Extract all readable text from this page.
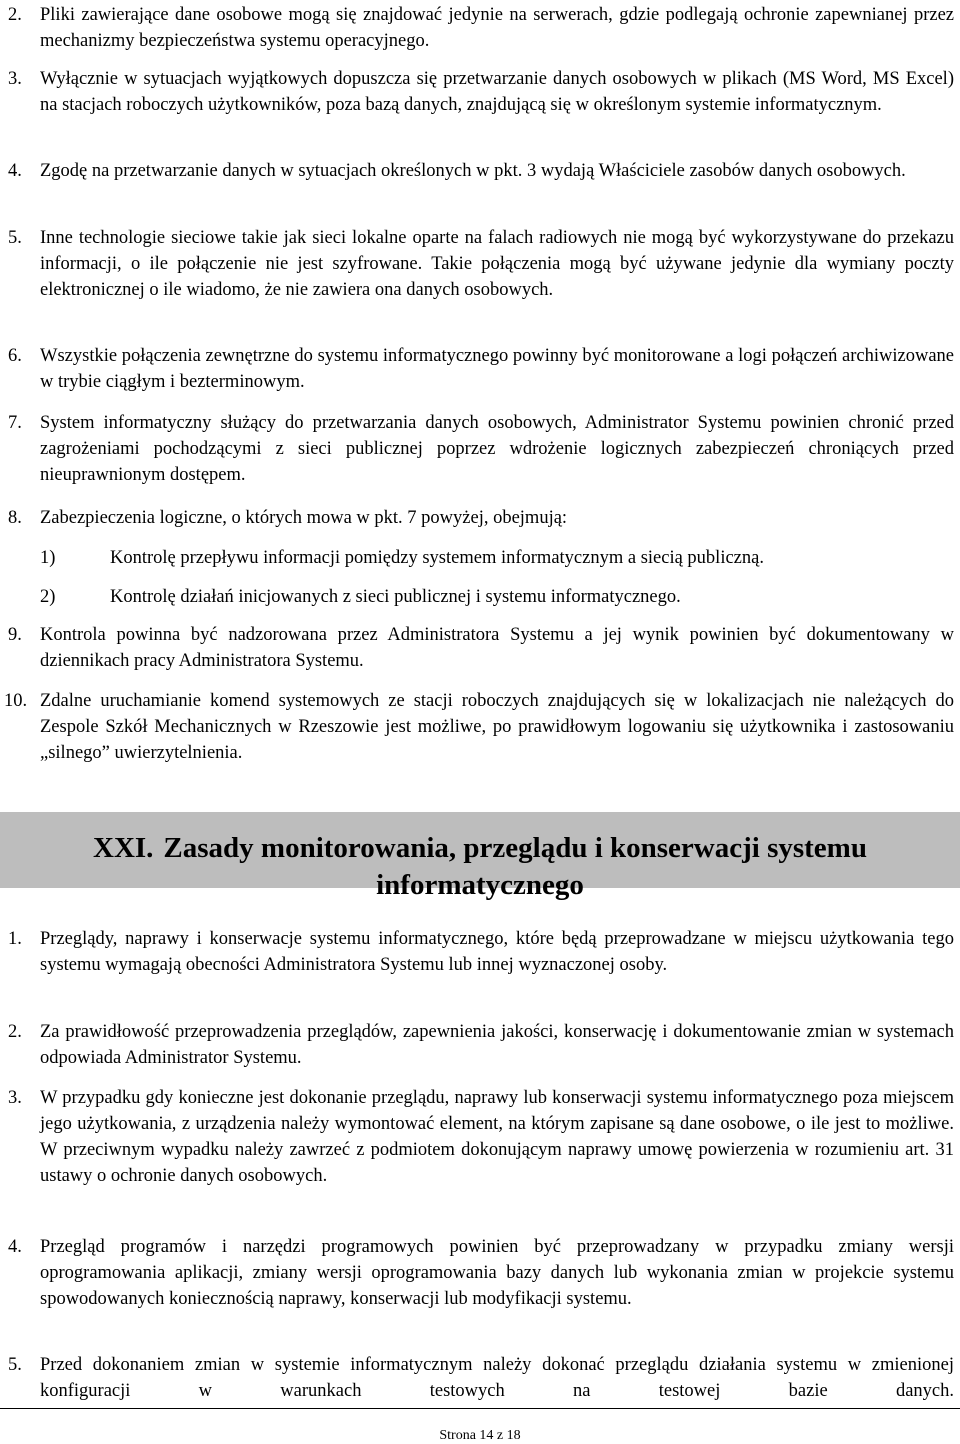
2. Pliki zawierające dane osobowe mogą się znajdować jedynie na serwerach, gdzie podlegają ochronie zapewnianej przez mechanizmy bezpieczeństwa systemu operacyjnego.
3. Wyłącznie w sytuacjach wyjątkowych dopuszcza się przetwarzanie danych osobowych w plikach (MS Word, MS Excel) na stacjach roboczych użytkowników, poza bazą danych, znajdującą się w określonym systemie informatycznym.
4. Zgodę na przetwarzanie danych w sytuacjach określonych w pkt. 3 wydają Właściciele zasobów danych osobowych.
5. Inne technologie sieciowe takie jak sieci lokalne oparte na falach radiowych nie mogą być wykorzystywane do przekazu informacji, o ile połączenie nie jest szyfrowane. Takie połączenia mogą być używane jedynie dla wymiany poczty elektronicznej o ile wiadomo, że nie zawiera ona danych osobowych.
6. Wszystkie połączenia zewnętrzne do systemu informatycznego powinny być monitorowane a logi połączeń archiwizowane w trybie ciągłym i bezterminowym.
7. System informatyczny służący do przetwarzania danych osobowych, Administrator Systemu powinien chronić przed zagrożeniami pochodzącymi z sieci publicznej poprzez wdrożenie logicznych zabezpieczeń chroniących przed nieuprawnionym dostępem.
8. Zabezpieczenia logiczne, o których mowa w pkt. 7 powyżej, obejmują:
1)	Kontrolę przepływu informacji pomiędzy systemem informatycznym a siecią publiczną.
2)	Kontrolę działań inicjowanych z sieci publicznej i systemu informatycznego.
9. Kontrola powinna być nadzorowana przez Administratora Systemu a jej wynik powinien być dokumentowany w dziennikach pracy Administratora Systemu.
10. Zdalne uruchamianie komend systemowych ze stacji roboczych znajdujących się w lokalizacjach nie należących do Zespole Szkół Mechanicznych w Rzeszowie jest możliwe, po prawidłowym logowaniu się użytkownika i zastosowaniu „silnego” uwierzytelnienia.
XXI. Zasady monitorowania, przeglądu i konserwacji systemu
informatycznego
1. Przeglądy, naprawy i konserwacje systemu informatycznego, które będą przeprowadzane w miejscu użytkowania tego systemu wymagają obecności Administratora Systemu lub innej wyznaczonej osoby.
2. Za prawidłowość przeprowadzenia przeglądów, zapewnienia jakości, konserwację i dokumentowanie zmian w systemach odpowiada Administrator Systemu.
3. W przypadku gdy konieczne jest dokonanie przeglądu, naprawy lub konserwacji systemu informatycznego poza miejscem jego użytkowania, z urządzenia należy wymontować element, na którym zapisane są dane osobowe, o ile jest to możliwe. W przeciwnym wypadku należy zawrzeć z podmiotem dokonującym naprawy umowę powierzenia w rozumieniu art. 31 ustawy o ochronie danych osobowych.
4. Przegląd programów i narzędzi programowych powinien być przeprowadzany w przypadku zmiany wersji oprogramowania aplikacji, zmiany wersji oprogramowania bazy danych lub wykonania zmian w projekcie systemu spowodowanych koniecznością naprawy, konserwacji lub modyfikacji systemu.
5. Przed dokonaniem zmian w systemie informatycznym należy dokonać przeglądu działania systemu w zmienionej konfiguracji w warunkach testowych na testowej bazie danych.
Strona 14 z 18
